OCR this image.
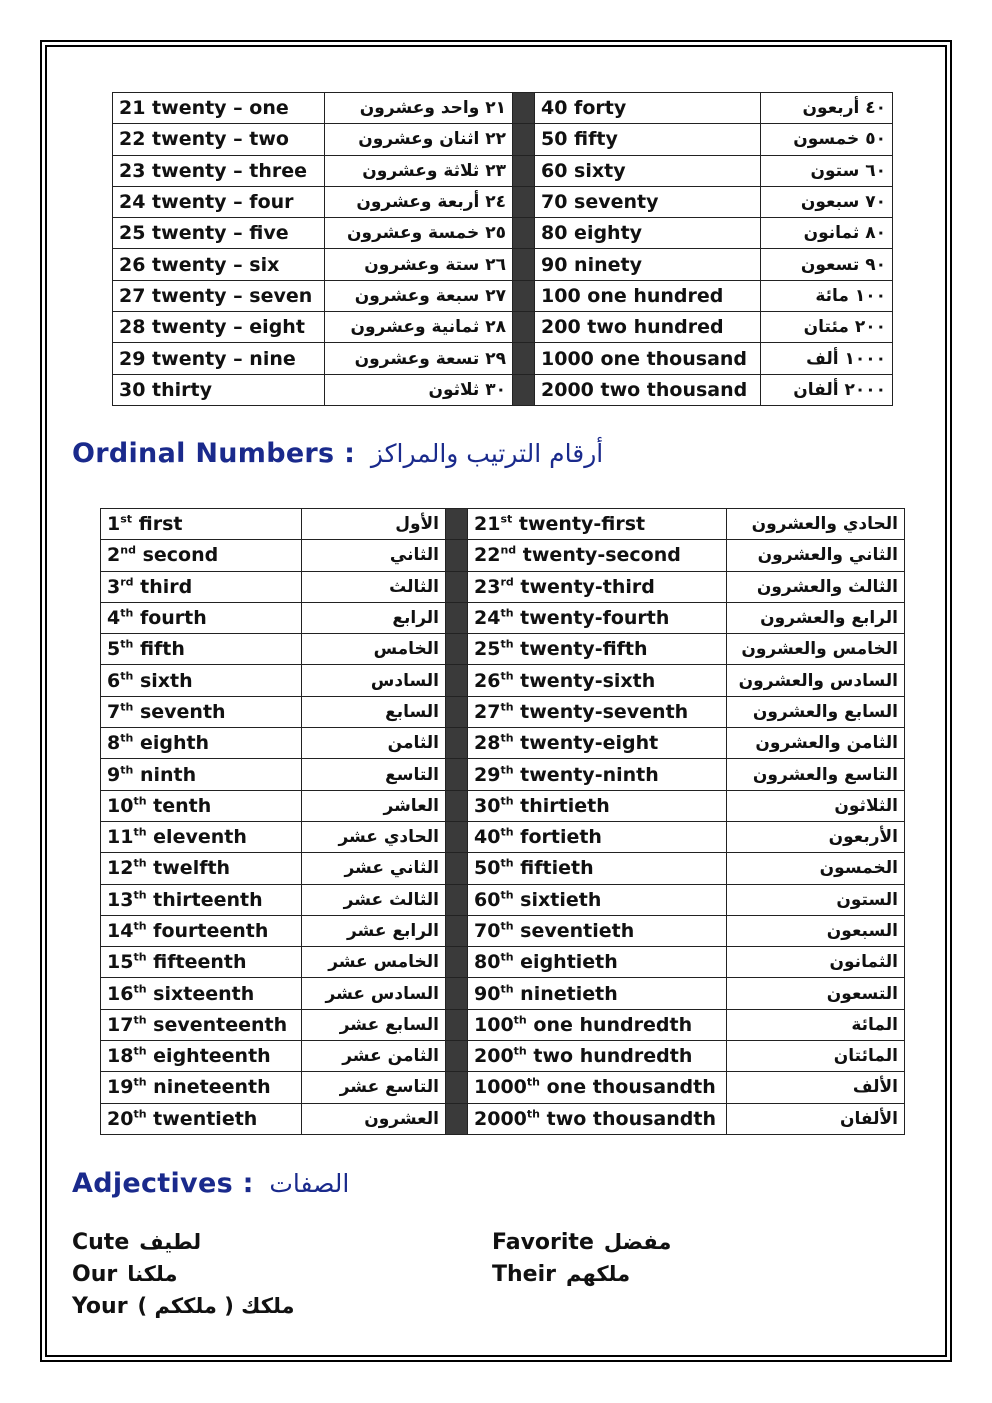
21 twenty – one	٢١ واحد وعشرون		40 forty	٤٠ أربعون
22 twenty – two	٢٢ اثنان وعشرون		50 fifty	٥٠ خمسون
23 twenty – three	٢٣ ثلاثة وعشرون		60 sixty	٦٠ ستون
24 twenty – four	٢٤ أربعة وعشرون		70 seventy	٧٠ سبعون
25 twenty – five	٢٥ خمسة وعشرون		80 eighty	٨٠ ثمانون
26 twenty – six	٢٦ ستة وعشرون		90 ninety	٩٠ تسعون
27 twenty – seven	٢٧ سبعة وعشرون		100 one hundred	١٠٠ مائة
28 twenty – eight	٢٨ ثمانية وعشرون		200 two hundred	٢٠٠ مئتان
29 twenty – nine	٢٩ تسعة وعشرون		1000 one thousand	١٠٠٠ ألف
30 thirty	٣٠ ثلاثون		2000 two thousand	٢٠٠٠ ألفان
Ordinal Numbers : أرقام الترتيب والمراكز
1st first	الأول		21st twenty-first	الحادي والعشرون
2nd second	الثاني		22nd twenty-second	الثاني والعشرون
3rd third	الثالث		23rd twenty-third	الثالث والعشرون
4th fourth	الرابع		24th twenty-fourth	الرابع والعشرون
5th fifth	الخامس		25th twenty-fifth	الخامس والعشرون
6th sixth	السادس		26th twenty-sixth	السادس والعشرون
7th seventh	السابع		27th twenty-seventh	السابع والعشرون
8th eighth	الثامن		28th twenty-eight	الثامن والعشرون
9th ninth	التاسع		29th twenty-ninth	التاسع والعشرون
10th tenth	العاشر		30th thirtieth	الثلاثون
11th eleventh	الحادي عشر		40th fortieth	الأربعون
12th twelfth	الثاني عشر		50th fiftieth	الخمسون
13th thirteenth	الثالث عشر		60th sixtieth	الستون
14th fourteenth	الرابع عشر		70th seventieth	السبعون
15th fifteenth	الخامس عشر		80th eightieth	الثمانون
16th sixteenth	السادس عشر		90th ninetieth	التسعون
17th seventeenth	السابع عشر		100th one hundredth	المائة
18th eighteenth	الثامن عشر		200th two hundredth	المائتان
19th nineteenth	التاسع عشر		1000th one thousandth	الألف
20th twentieth	العشرون		2000th two thousandth	الألفان
Adjectives : الصفات
Cute لطيف	Favorite مفضل
Our ملكنا	Their ملكهم
Your ( ملككم ) ملكك
